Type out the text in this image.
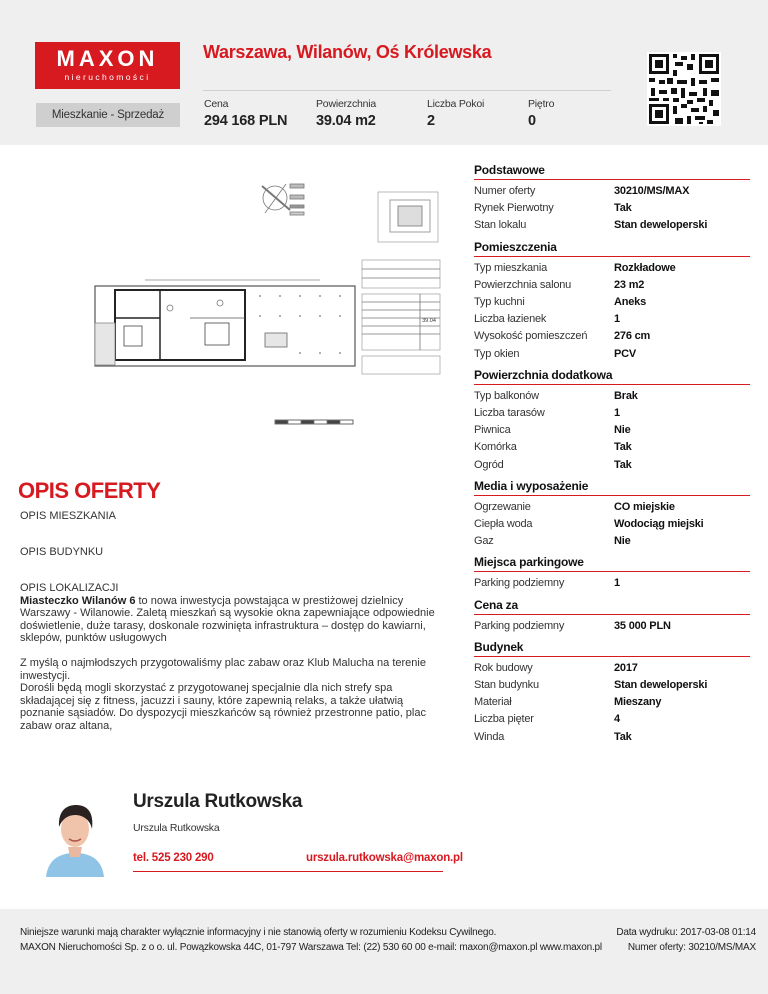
MAXON
nieruchomości
Warszawa, Wilanów, Oś Królewska
Mieszkanie - Sprzedaż
Cena
294 168 PLN
Powierzchnia
39.04 m2
Liczba Pokoi
2
Piętro
0
39.04
Podstawowe
Numer oferty	30210/MS/MAX
Rynek Pierwotny	Tak
Stan lokalu	Stan deweloperski
Pomieszczenia
Typ mieszkania	Rozkładowe
Powierzchnia salonu	23 m2
Typ kuchni	Aneks
Liczba łazienek	1
Wysokość pomieszczeń	276 cm
Typ okien	PCV
Powierzchnia dodatkowa
Typ balkonów	Brak
Liczba tarasów	1
Piwnica	Nie
Komórka	Tak
Ogród	Tak
Media i wyposażenie
Ogrzewanie	CO miejskie
Ciepła woda	Wodociąg miejski
Gaz	Nie
Miejsca parkingowe
Parking podziemny	1
Cena za
Parking podziemny	35 000 PLN
Budynek
Rok budowy	2017
Stan budynku	Stan deweloperski
Materiał	Mieszany
Liczba pięter	4
Winda	Tak
OPIS OFERTY
OPIS MIESZKANIA
OPIS BUDYNKU
OPIS LOKALIZACJI
Miasteczko Wilanów 6 to nowa inwestycja powstająca w prestiżowej dzielnicy Warszawy - Wilanowie. Zaletą mieszkań są wysokie okna zapewniające odpowiednie doświetlenie, duże tarasy, doskonale rozwinięta infrastruktura – dostęp do kawiarni, sklepów, punktów usługowych
Z myślą o najmłodszych przygotowaliśmy plac zabaw oraz Klub Malucha na terenie inwestycji.
Dorośli będą mogli skorzystać z przygotowanej specjalnie dla nich strefy spa składającej się z fitness, jacuzzi i sauny, które zapewnią relaks, a także ułatwią poznanie sąsiadów. Do dyspozycji mieszkańców są również przestronne patio, plac zabaw oraz altana,
Urszula Rutkowska
Urszula Rutkowska
tel. 525 230 290	urszula.rutkowska@maxon.pl
Niniejsze warunki mają charakter wyłącznie informacyjny i nie stanowią oferty w rozumieniu Kodeksu Cywilnego.
MAXON Nieruchomości Sp. z o o. ul. Powązkowska 44C, 01-797 Warszawa Tel: (22) 530 60 00 e-mail: maxon@maxon.pl www.maxon.pl
Data wydruku: 2017-03-08 01:14
Numer oferty: 30210/MS/MAX
